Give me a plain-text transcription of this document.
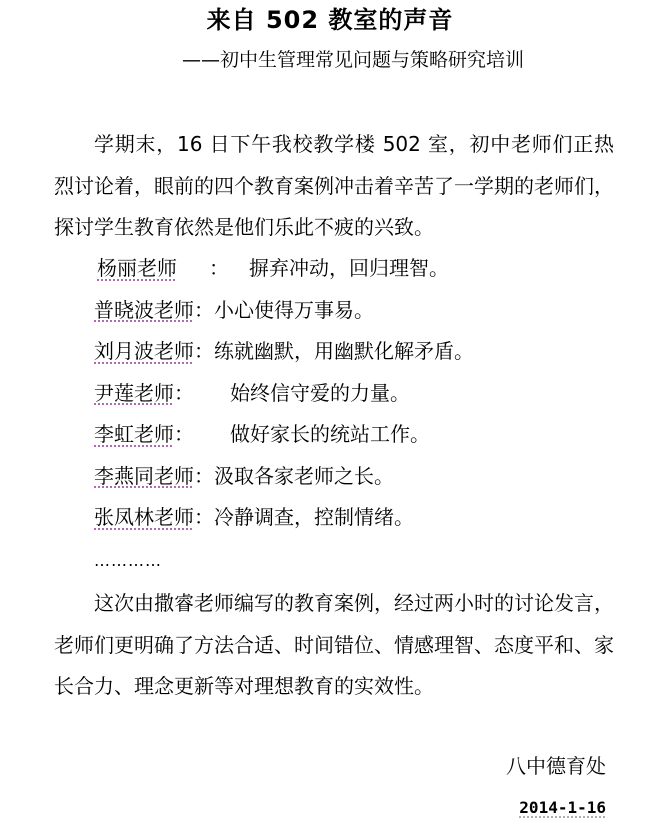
来自 502 教室的声音
——初中生管理常见问题与策略研究培训

学期末，16 日下午我校教学楼 502 室，初中老师们正热烈讨论着，眼前的四个教育案例冲击着辛苦了一学期的老师们，探讨学生教育依然是他们乐此不疲的兴致。

杨丽老师 ： 摒弃冲动，回归理智。
普晓波老师：小心使得万事易。
刘月波老师：练就幽默，用幽默化解矛盾。
尹莲老师： 始终信守爱的力量。
李虹老师： 做好家长的统站工作。
李燕同老师：汲取各家老师之长。
张凤林老师：冷静调查，控制情绪。
…………

这次由撒睿老师编写的教育案例，经过两小时的讨论发言，老师们更明确了方法合适、时间错位、情感理智、态度平和、家长合力、理念更新等对理想教育的实效性。

八中德育处
2014-1-16
